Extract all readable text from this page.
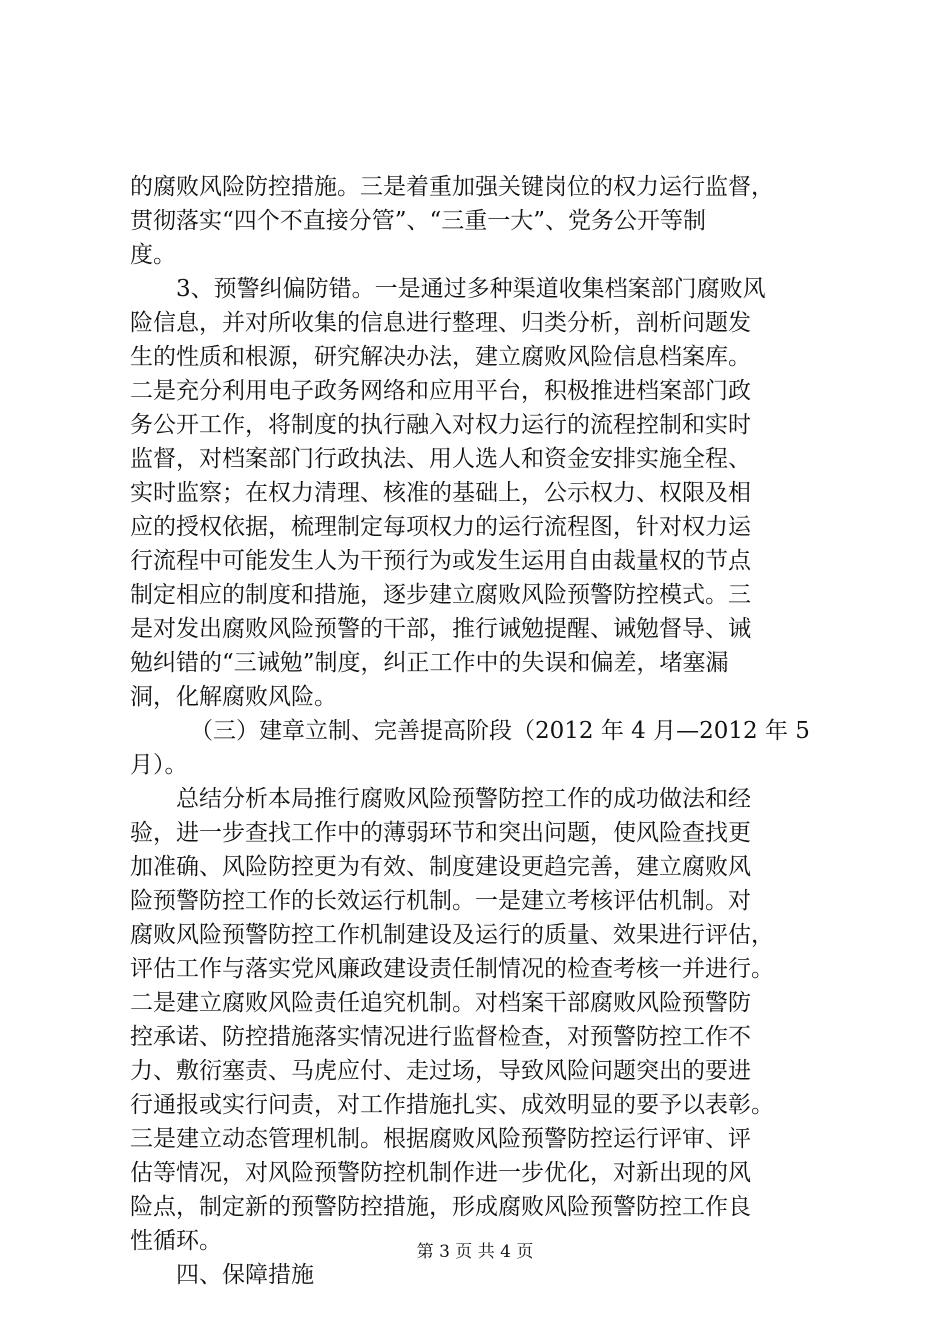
的腐败风险防控措施。三是着重加强关键岗位的权力运行监督，
贯彻落实“四个不直接分管”、“三重一大”、党务公开等制
度。
3、预警纠偏防错。一是通过多种渠道收集档案部门腐败风
险信息，并对所收集的信息进行整理、归类分析，剖析问题发
生的性质和根源，研究解决办法，建立腐败风险信息档案库。
二是充分利用电子政务网络和应用平台，积极推进档案部门政
务公开工作，将制度的执行融入对权力运行的流程控制和实时
监督，对档案部门行政执法、用人选人和资金安排实施全程、
实时监察；在权力清理、核准的基础上，公示权力、权限及相
应的授权依据，梳理制定每项权力的运行流程图，针对权力运
行流程中可能发生人为干预行为或发生运用自由裁量权的节点
制定相应的制度和措施，逐步建立腐败风险预警防控模式。三
是对发出腐败风险预警的干部，推行诫勉提醒、诫勉督导、诫
勉纠错的“三诫勉”制度，纠正工作中的失误和偏差，堵塞漏
洞，化解腐败风险。
（三）建章立制、完善提高阶段（2012 年 4 月—2012 年 5
月）。
总结分析本局推行腐败风险预警防控工作的成功做法和经
验，进一步查找工作中的薄弱环节和突出问题，使风险查找更
加准确、风险防控更为有效、制度建设更趋完善，建立腐败风
险预警防控工作的长效运行机制。一是建立考核评估机制。对
腐败风险预警防控工作机制建设及运行的质量、效果进行评估，
评估工作与落实党风廉政建设责任制情况的检查考核一并进行。
二是建立腐败风险责任追究机制。对档案干部腐败风险预警防
控承诺、防控措施落实情况进行监督检查，对预警防控工作不
力、敷衍塞责、马虎应付、走过场，导致风险问题突出的要进
行通报或实行问责，对工作措施扎实、成效明显的要予以表彰。
三是建立动态管理机制。根据腐败风险预警防控运行评审、评
估等情况，对风险预警防控机制作进一步优化，对新出现的风
险点，制定新的预警防控措施，形成腐败风险预警防控工作良
性循环。
四、保障措施
第 3 页 共 4 页
